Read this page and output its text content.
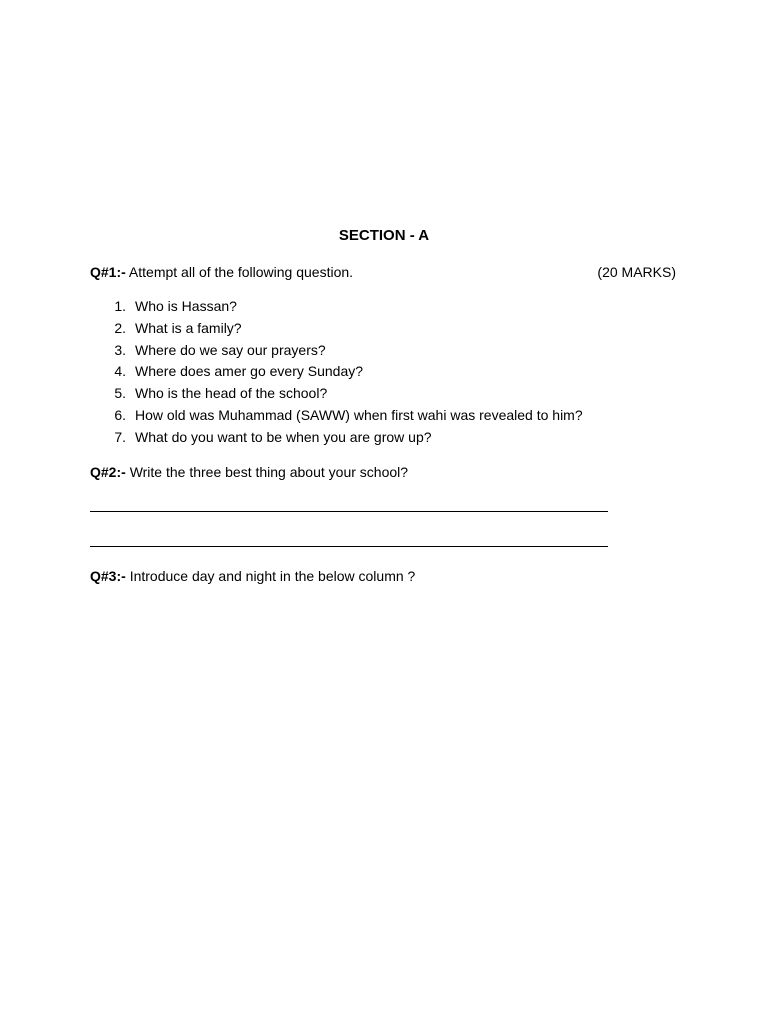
SECTION - A
Q#1:- Attempt all of the following question.	(20 MARKS)
1. Who is Hassan?
2. What is a family?
3. Where do we say our prayers?
4. Where does amer go every Sunday?
5. Who is the head of the school?
6. How old was Muhammad (SAWW) when first wahi was revealed to him?
7. What do you want to be when you are grow up?
Q#2:- Write the three best thing about your school?
Q#3:- Introduce day and night in the below column ?
